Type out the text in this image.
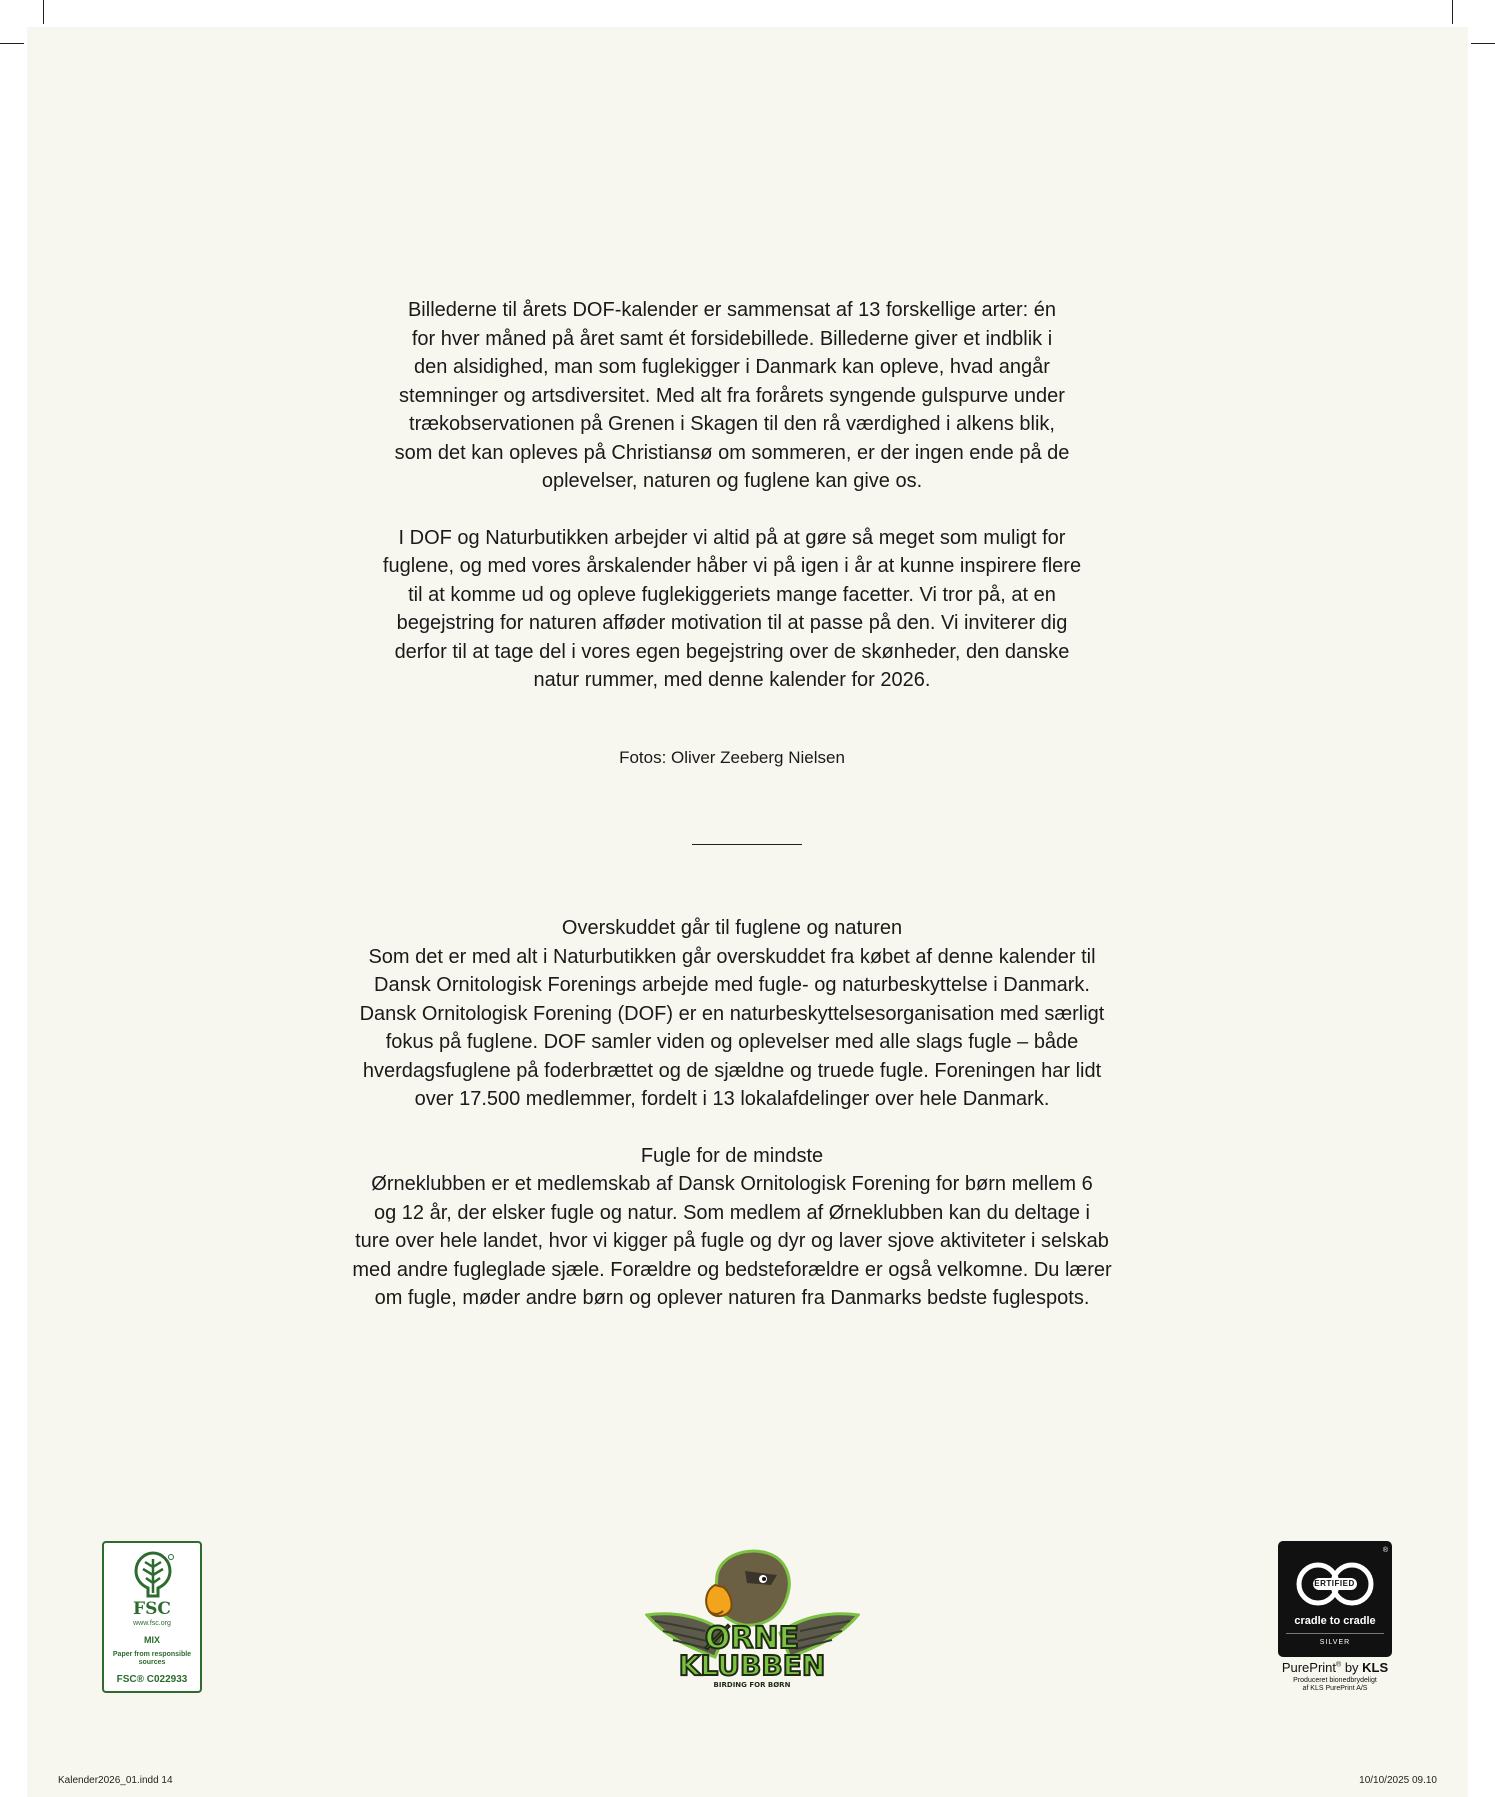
Billederne til årets DOF-kalender er sammensat af 13 forskellige arter: én
for hver måned på året samt ét forsidebillede. Billederne giver et indblik i
den alsidighed, man som fuglekigger i Danmark kan opleve, hvad angår
stemninger og artsdiversitet. Med alt fra forårets syngende gulspurve under
trækobservationen på Grenen i Skagen til den rå værdighed i alkens blik,
som det kan opleves på Christiansø om sommeren, er der ingen ende på de
oplevelser, naturen og fuglene kan give os.

I DOF og Naturbutikken arbejder vi altid på at gøre så meget som muligt for
fuglene, og med vores årskalender håber vi på igen i år at kunne inspirere flere
til at komme ud og opleve fuglekiggeriets mange facetter. Vi tror på, at en
begejstring for naturen afføder motivation til at passe på den. Vi inviterer dig
derfor til at tage del i vores egen begejstring over de skønheder, den danske
natur rummer, med denne kalender for 2026.

Fotos: Oliver Zeeberg Nielsen

Overskuddet går til fuglene og naturen

Som det er med alt i Naturbutikken går overskuddet fra købet af denne kalender til
Dansk Ornitologisk Forenings arbejde med fugle- og naturbeskyttelse i Danmark.
Dansk Ornitologisk Forening (DOF) er en naturbeskyttelsesorganisation med særligt
fokus på fuglene. DOF samler viden og oplevelser med alle slags fugle – både
hverdagsfuglene på foderbrættet og de sjældne og truede fugle. Foreningen har lidt
over 17.500 medlemmer, fordelt i 13 lokalafdelinger over hele Danmark.

Fugle for de mindste

Ørneklubben er et medlemskab af Dansk Ornitologisk Forening for børn mellem 6
og 12 år, der elsker fugle og natur. Som medlem af Ørneklubben kan du deltage i
ture over hele landet, hvor vi kigger på fugle og dyr og laver sjove aktiviteter i selskab
med andre fugleglade sjæle. Forældre og bedsteforældre er også velkomne. Du lærer
om fugle, møder andre børn og oplever naturen fra Danmarks bedste fuglespots.

FSC
www.fsc.org
MIX
Paper from responsible sources
FSC® C022933
ØRNE
KLUBBEN
BIRDING FOR BØRN
®
CERTIFIED
cradle to cradle
SILVER
PurePrint® by KLS
Produceret bionedbrydeligt
af KLS PurePrint A/S
Kalender2026_01.indd 14	10/10/2025 09.10
